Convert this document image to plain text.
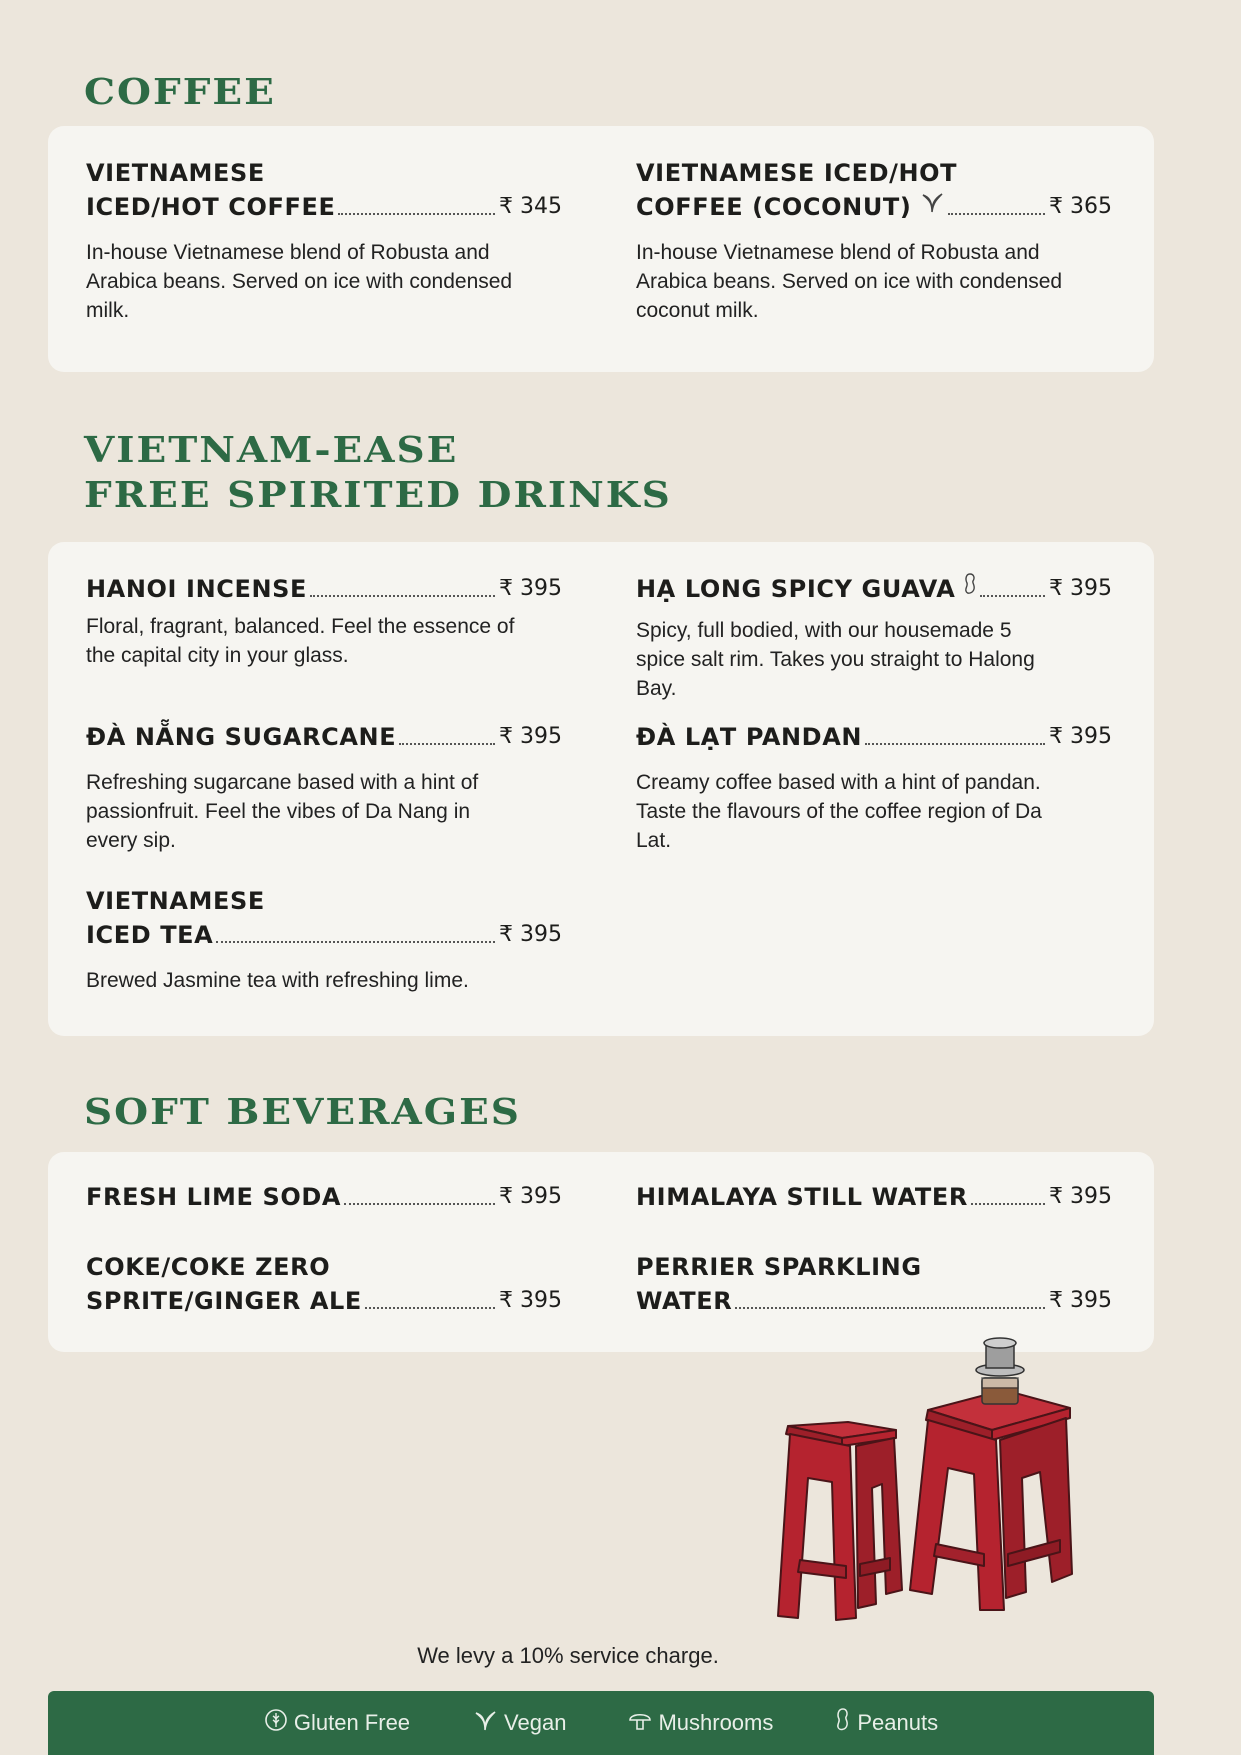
COFFEE
VIETNAMESE
ICED/HOT COFFEE	₹ 345
In-house Vietnamese blend of Robusta and Arabica beans. Served on ice with condensed milk.
VIETNAMESE ICED/HOT
COFFEE (COCONUT)	₹ 365
In-house Vietnamese blend of Robusta and Arabica beans. Served on ice with condensed coconut milk.
VIETNAM-EASE
FREE SPIRITED DRINKS
HANOI INCENSE	₹ 395
Floral, fragrant, balanced. Feel the essence of the capital city in your glass.
HẠ LONG SPICY GUAVA	₹ 395
Spicy, full bodied, with our housemade 5 spice salt rim. Takes you straight to Halong Bay.
ĐÀ NẴNG SUGARCANE	₹ 395
Refreshing sugarcane based with a hint of passionfruit. Feel the vibes of Da Nang in every sip.
ĐÀ LẠT PANDAN	₹ 395
Creamy coffee based with a hint of pandan. Taste the flavours of the coffee region of Da Lat.
VIETNAMESE
ICED TEA	₹ 395
Brewed Jasmine tea with refreshing lime.
SOFT BEVERAGES
FRESH LIME SODA	₹ 395	HIMALAYA STILL WATER	₹ 395
COKE/COKE ZERO
SPRITE/GINGER ALE	₹ 395
PERRIER SPARKLING
WATER	₹ 395
We levy a 10% service charge.
Gluten Free	Vegan	Mushrooms	Peanuts
